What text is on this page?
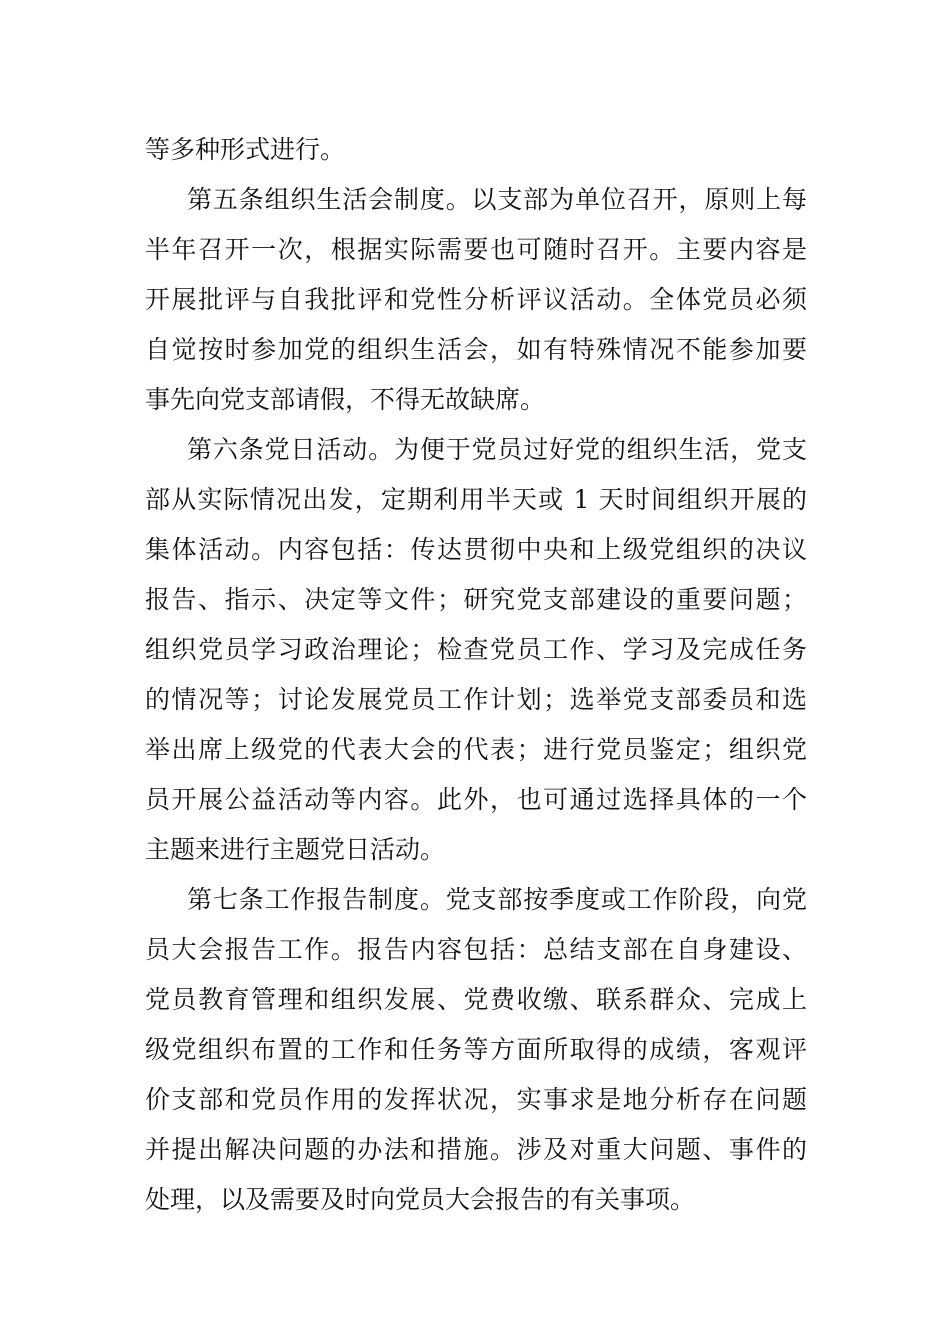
等多种形式进行。
第五条组织生活会制度。以支部为单位召开，原则上每
半年召开一次，根据实际需要也可随时召开。主要内容是
开展批评与自我批评和党性分析评议活动。全体党员必须
自觉按时参加党的组织生活会，如有特殊情况不能参加要
事先向党支部请假，不得无故缺席。
第六条党日活动。为便于党员过好党的组织生活，党支
部从实际情况出发，定期利用半天或 1 天时间组织开展的
集体活动。内容包括：传达贯彻中央和上级党组织的决议
报告、指示、决定等文件；研究党支部建设的重要问题；
组织党员学习政治理论；检查党员工作、学习及完成任务
的情况等；讨论发展党员工作计划；选举党支部委员和选
举出席上级党的代表大会的代表；进行党员鉴定；组织党
员开展公益活动等内容。此外，也可通过选择具体的一个
主题来进行主题党日活动。
第七条工作报告制度。党支部按季度或工作阶段，向党
员大会报告工作。报告内容包括：总结支部在自身建设、
党员教育管理和组织发展、党费收缴、联系群众、完成上
级党组织布置的工作和任务等方面所取得的成绩，客观评
价支部和党员作用的发挥状况，实事求是地分析存在问题
并提出解决问题的办法和措施。涉及对重大问题、事件的
处理，以及需要及时向党员大会报告的有关事项。
